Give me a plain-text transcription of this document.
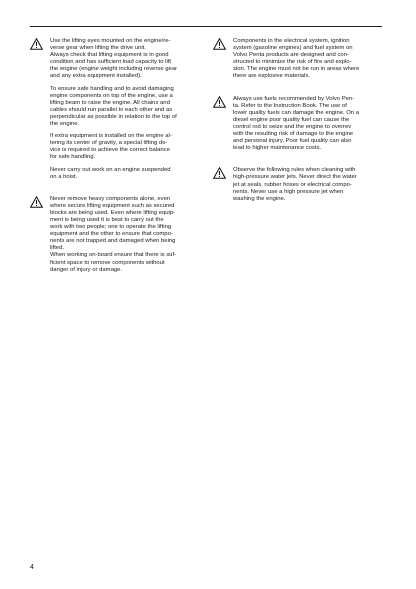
Use the lifting eyes mounted on the engine/re-
verse gear when lifting the drive unit.
Always check that lifting equipment is in good
condition and has sufficient load capacity to lift
the engine (engine weight including reverse gear
and any extra equipment installed).

To ensure safe handling and to avoid damaging
engine components on top of the engine, use a
lifting beam to raise the engine. All chains and
cables should run parallel to each other and as
perpendicular as possible in relation to the top of
the engine.

If extra equipment is installed on the engine al-
tering its center of gravity, a special lifting de-
vice is required to achieve the correct balance
for safe handling.

Never carry out work on an engine suspended
on a hoist.

Never remove heavy components alone, even
where secure lifting equipment such as secured
blocks are being used. Even where lifting equip-
ment is being used it is best to carry out the
work with two people; one to operate the lifting
equipment and the other to ensure that compo-
nents are not trapped and damaged when being
lifted.
When working on-board ensure that there is suf-
ficient space to remove components without
danger of injury or damage.

Components in the electrical system, ignition
system (gasoline engines) and fuel system on
Volvo Penta products are designed and con-
structed to minimize the risk of fire and explo-
sion. The engine must not be run in areas where
there are explosive materials.

Always use fuels recommended by Volvo Pen-
ta. Refer to the Instruction Book. The use of
lower quality fuels can damage the engine. On a
diesel engine poor quality fuel can cause the
control rod to seize and the engine to overrev
with the resulting risk of damage to the engine
and personal injury. Poor fuel quality can also
lead to higher maintenance costs.

Observe the following rules when cleaning with
high-pressure water jets. Never direct the water
jet at seals, rubber hoses or electrical compo-
nents. Never use a high pressure jet when
washing the engine.

4
